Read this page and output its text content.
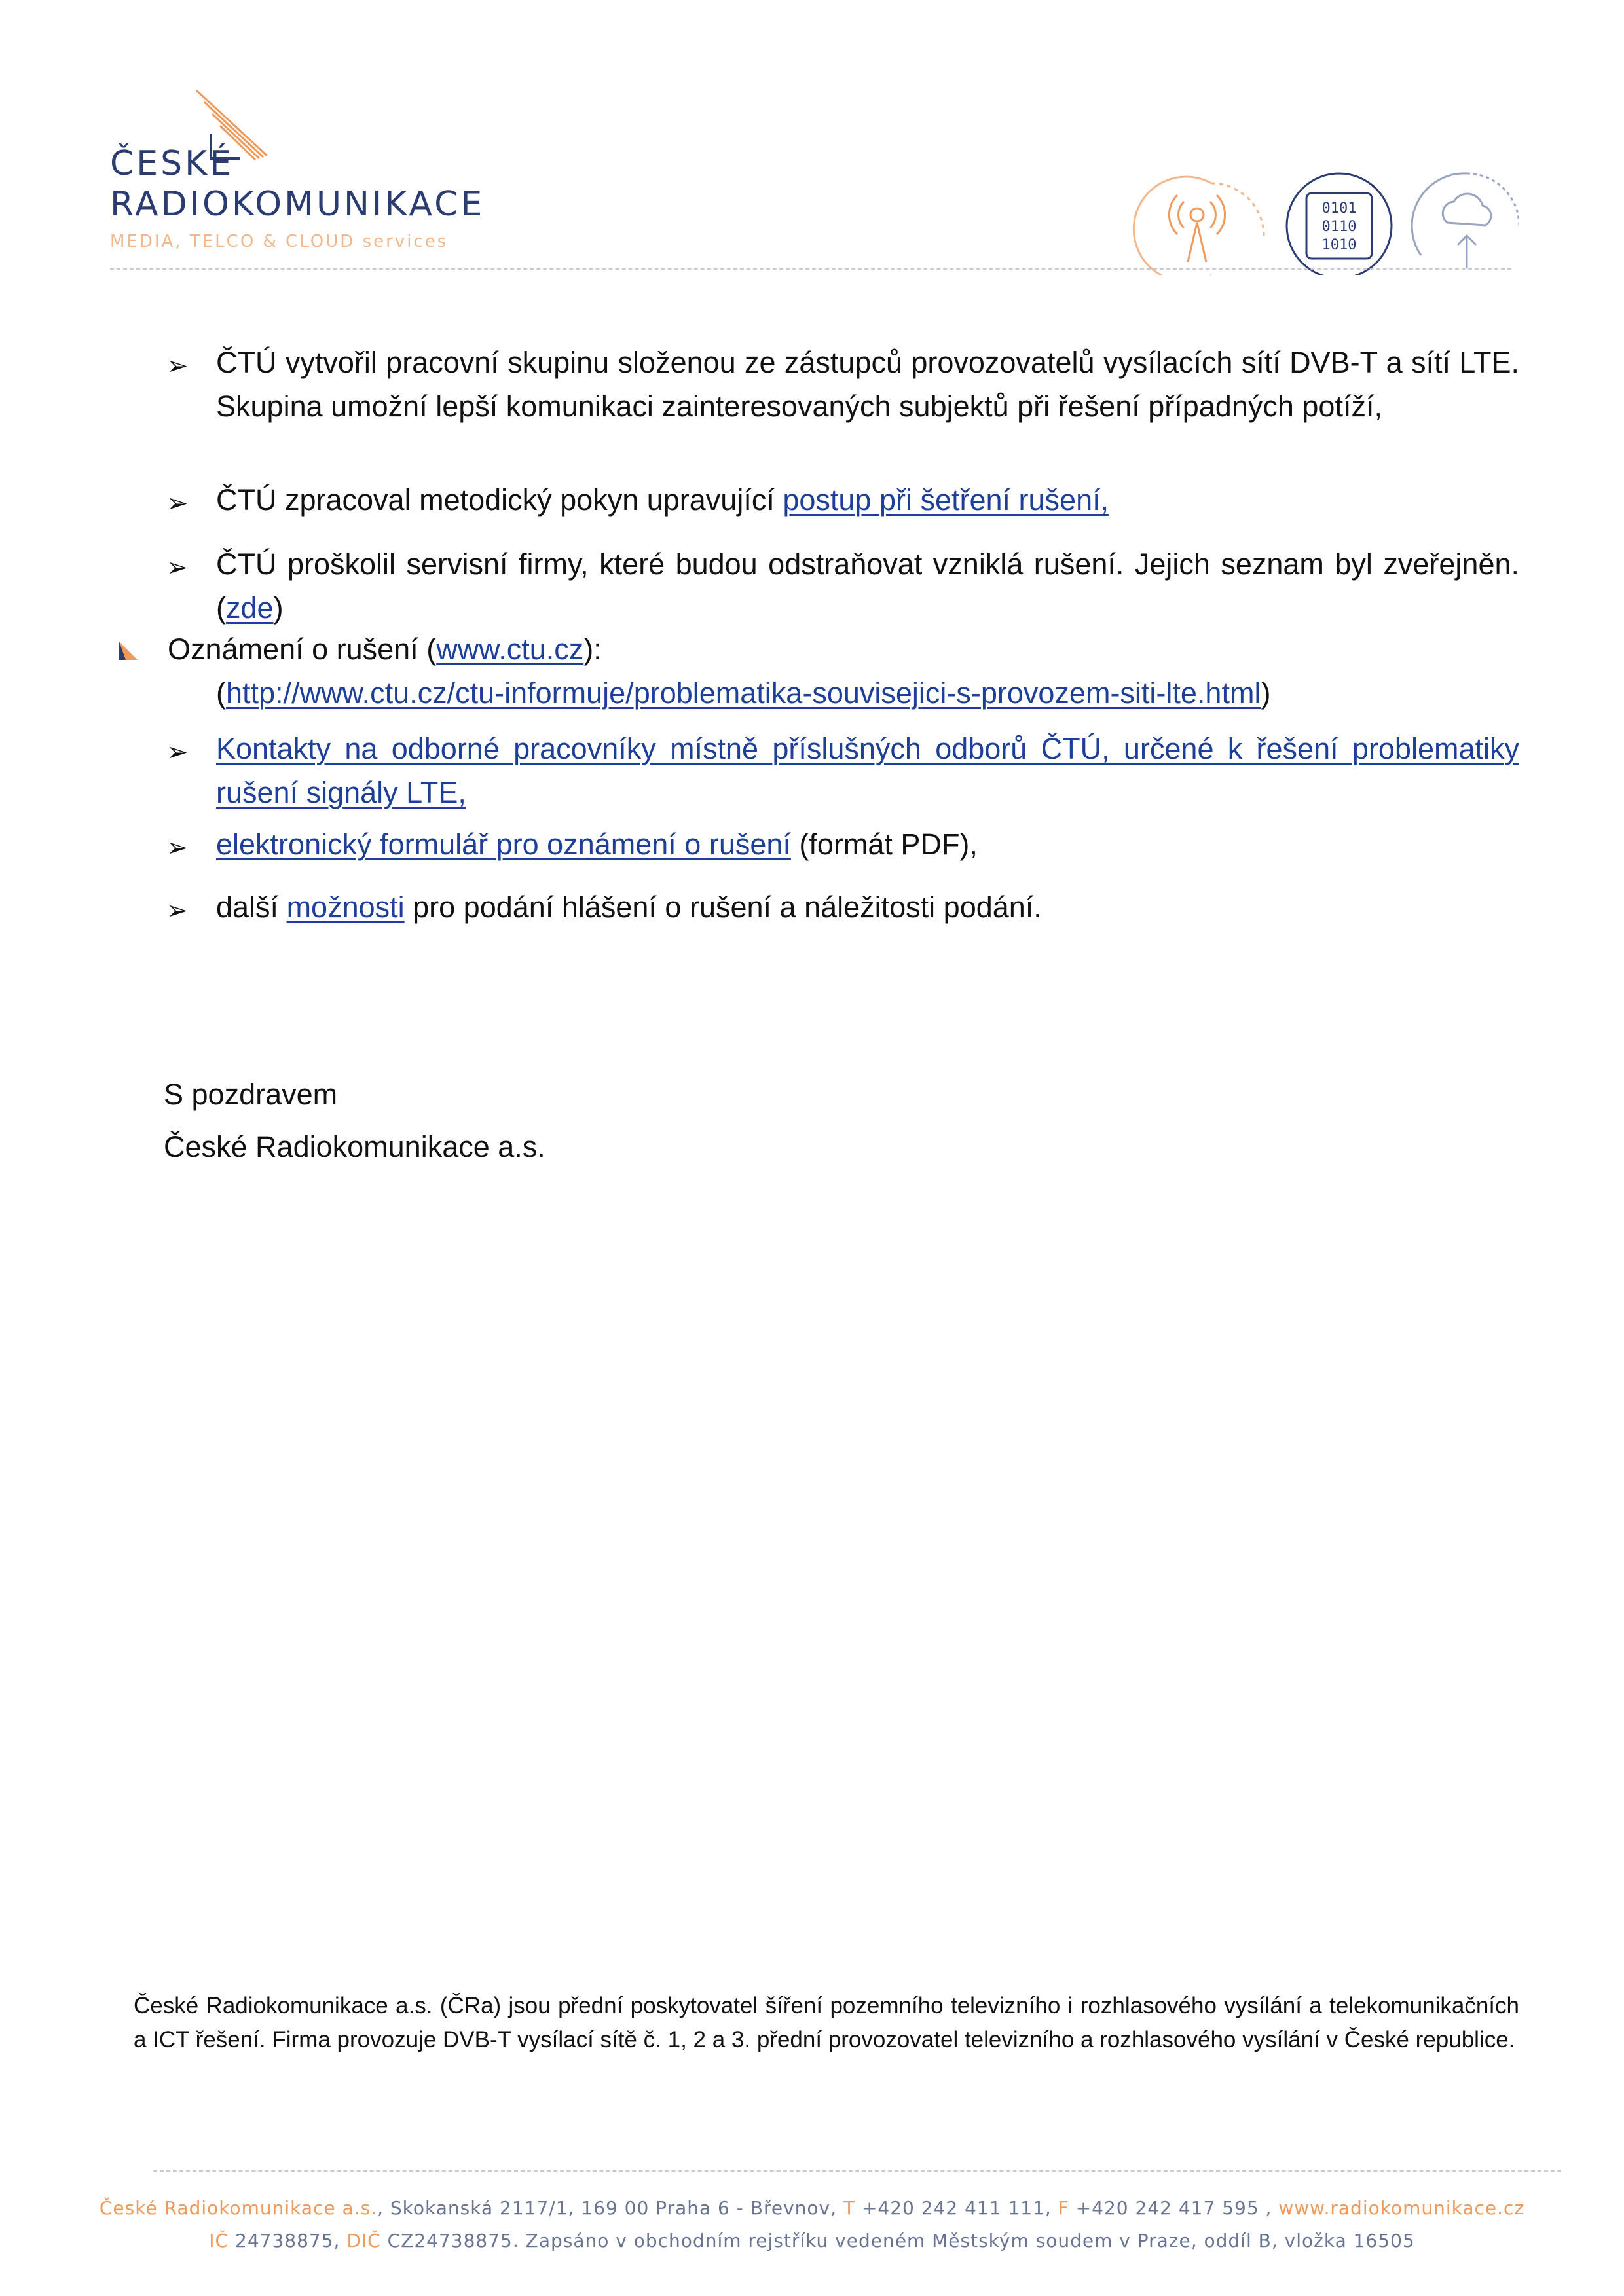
ČESKÉ
RADIOKOMUNIKACE
MEDIA, TELCO & CLOUD services
0101
0110
1010
➢ ČTÚ vytvořil pracovní skupinu složenou ze zástupců provozovatelů vysílacích sítí DVB-T a sítí LTE. Skupina umožní lepší komunikaci zainteresovaných subjektů při řešení případných potíží,
➢ ČTÚ zpracoval metodický pokyn upravující postup při šetření rušení,
➢ ČTÚ proškolil servisní firmy, které budou odstraňovat vzniklá rušení. Jejich seznam byl zveřejněn. (zde)
Oznámení o rušení (www.ctu.cz):
(http://www.ctu.cz/ctu-informuje/problematika-souvisejici-s-provozem-siti-lte.html)
➢ Kontakty na odborné pracovníky místně příslušných odborů ČTÚ, určené k řešení problematiky rušení signály LTE,
➢ elektronický formulář pro oznámení o rušení (formát PDF),
➢ další možnosti pro podání hlášení o rušení a náležitosti podání.
S pozdravem
České Radiokomunikace a.s.
České Radiokomunikace a.s. (ČRa) jsou přední poskytovatel šíření pozemního televizního i rozhlasového vysílání a telekomunikačních a ICT řešení. Firma provozuje DVB-T vysílací sítě č. 1, 2 a 3. přední provozovatel televizního a rozhlasového vysílání v České republice.
České Radiokomunikace a.s., Skokanská 2117/1, 169 00 Praha 6 - Břevnov, T +420 242 411 111, F +420 242 417 595 , www.radiokomunikace.cz
IČ 24738875, DIČ CZ24738875. Zapsáno v obchodním rejstříku vedeném Městským soudem v Praze, oddíl B, vložka 16505
